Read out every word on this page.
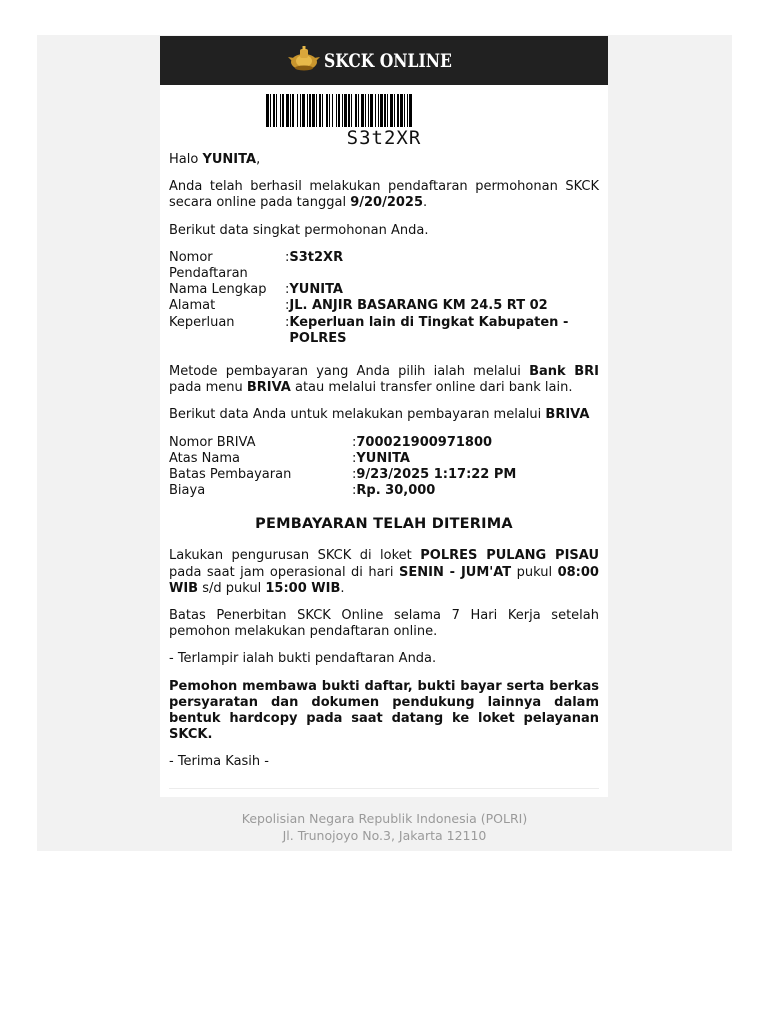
SKCK ONLINE
S3t2XR

Halo YUNITA,

Anda telah berhasil melakukan pendaftaran permohonan SKCK secara online pada tanggal 9/20/2025.

Berikut data singkat permohonan Anda.

Nomor Pendaftaran	:	S3t2XR
Nama Lengkap	:	YUNITA
Alamat	:	JL. ANJIR BASARANG KM 24.5 RT 02
Keperluan	:	Keperluan lain di Tingkat Kabupaten - POLRES

Metode pembayaran yang Anda pilih ialah melalui Bank BRI pada menu BRIVA atau melalui transfer online dari bank lain.

Berikut data Anda untuk melakukan pembayaran melalui BRIVA

Nomor BRIVA	:	700021900971800
Atas Nama	:	YUNITA
Batas Pembayaran	:	9/23/2025 1:17:22 PM
Biaya	:	Rp. 30,000
PEMBAYARAN TELAH DITERIMA

Lakukan pengurusan SKCK di loket POLRES PULANG PISAU pada saat jam operasional di hari SENIN - JUM'AT pukul 08:00 WIB s/d pukul 15:00 WIB.

Batas Penerbitan SKCK Online selama 7 Hari Kerja setelah pemohon melakukan pendaftaran online.

- Terlampir ialah bukti pendaftaran Anda.

Pemohon membawa bukti daftar, bukti bayar serta berkas persyaratan dan dokumen pendukung lainnya dalam bentuk hardcopy pada saat datang ke loket pelayanan SKCK.

- Terima Kasih -

Kepolisian Negara Republik Indonesia (POLRI)
Jl. Trunojoyo No.3, Jakarta 12110
